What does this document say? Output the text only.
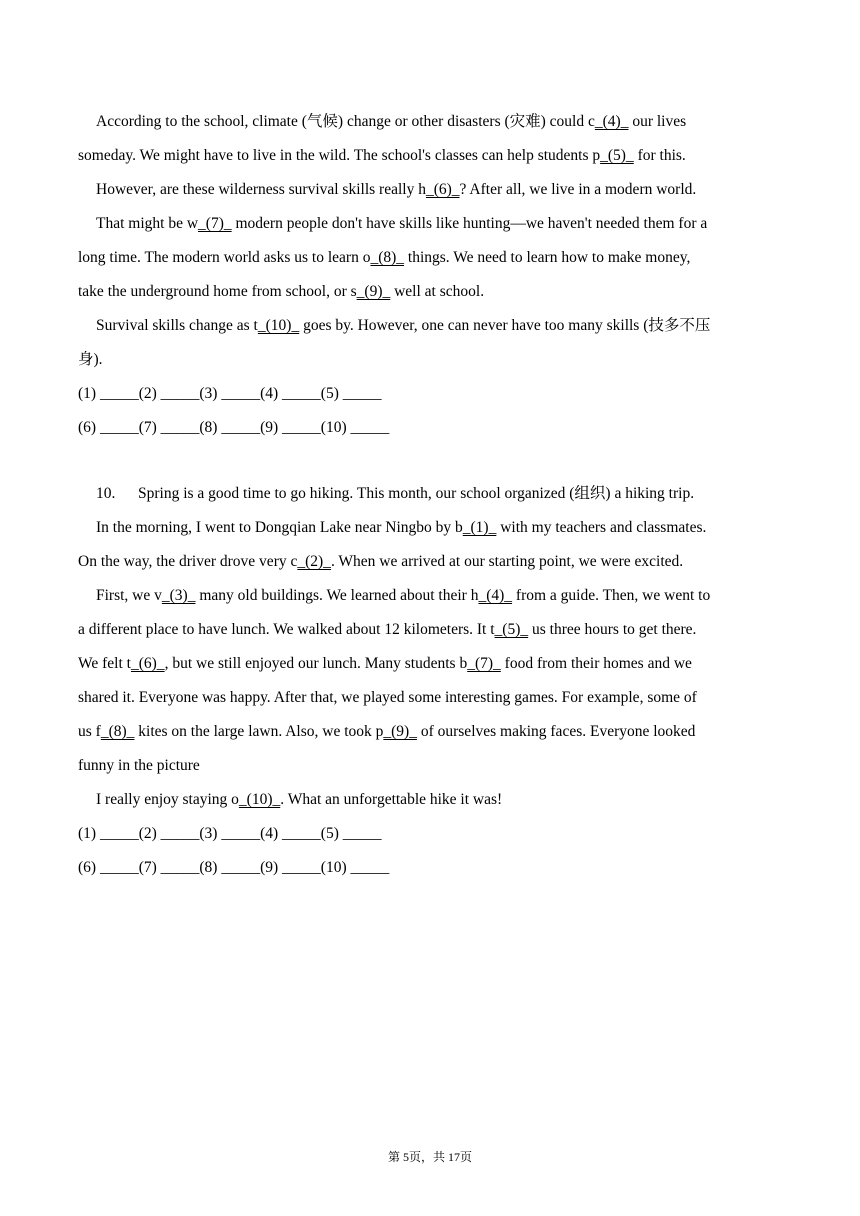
According to the school, climate (气候) change or other disasters (灾难) could c_(4)_ our lives
someday. We might have to live in the wild. The school's classes can help students p_(5)_ for this.
However, are these wilderness survival skills really h_(6)_? After all, we live in a modern world.
That might be w_(7)_ modern people don't have skills like hunting—we haven't needed them for a
long time. The modern world asks us to learn o_(8)_ things. We need to learn how to make money,
take the underground home from school, or s_(9)_ well at school.
Survival skills change as t_(10)_ goes by. However, one can never have too many skills (技多不压
身).
(1) _____(2) _____(3) _____(4) _____(5) _____
(6) _____(7) _____(8) _____(9) _____(10) _____
10. Spring is a good time to go hiking. This month, our school organized (组织) a hiking trip.
In the morning, I went to Dongqian Lake near Ningbo by b_(1)_ with my teachers and classmates.
On the way, the driver drove very c_(2)_. When we arrived at our starting point, we were excited.
First, we v_(3)_ many old buildings. We learned about their h_(4)_ from a guide. Then, we went to
a different place to have lunch. We walked about 12 kilometers. It t_(5)_ us three hours to get there.
We felt t_(6)_, but we still enjoyed our lunch. Many students b_(7)_ food from their homes and we
shared it. Everyone was happy. After that, we played some interesting games. For example, some of
us f_(8)_ kites on the large lawn. Also, we took p_(9)_ of ourselves making faces. Everyone looked
funny in the picture
I really enjoy staying o_(10)_. What an unforgettable hike it was!
(1) _____(2) _____(3) _____(4) _____(5) _____
(6) _____(7) _____(8) _____(9) _____(10) _____
第 5页，共 17页
